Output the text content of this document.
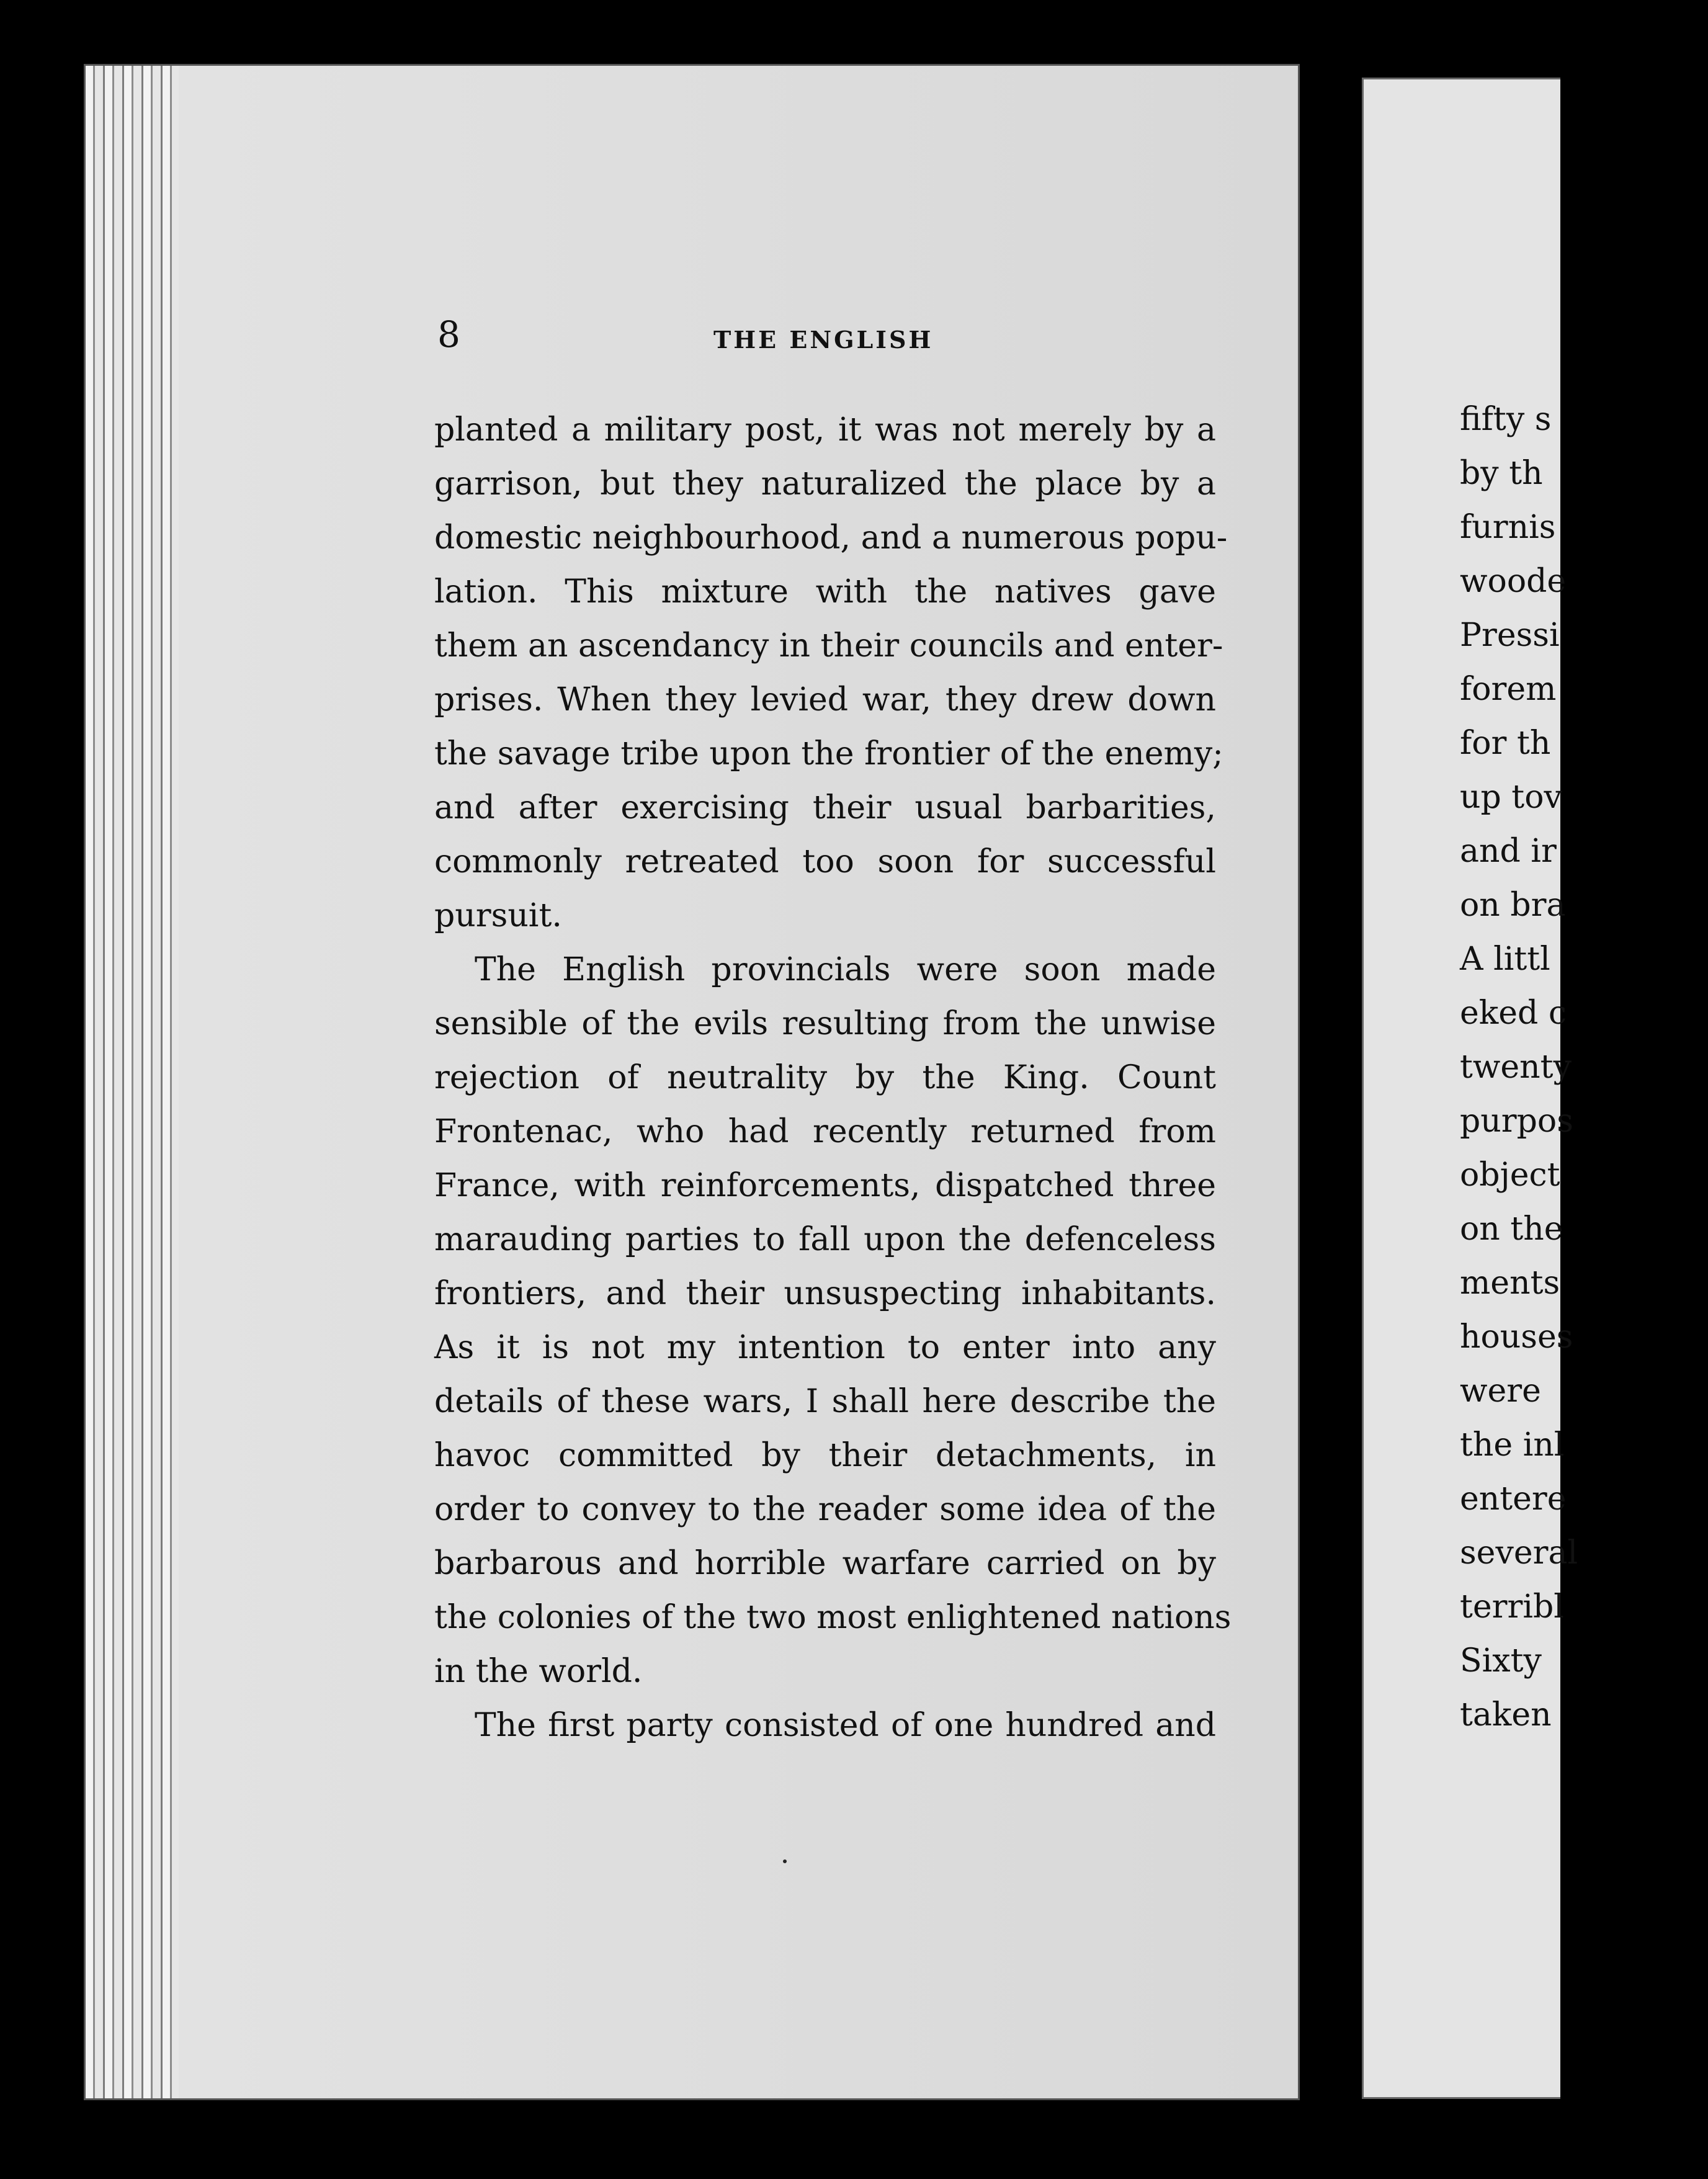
8	THE ENGLISH

planted a military post, it was not merely by a
garrison, but they naturalized the place by a
domestic neighbourhood, and a numerous popu-
lation. This mixture with the natives gave
them an ascendancy in their councils and enter-
prises. When they levied war, they drew down
the savage tribe upon the frontier of the enemy;
and after exercising their usual barbarities,
commonly retreated too soon for successful
pursuit.
The English provincials were soon made
sensible of the evils resulting from the unwise
rejection of neutrality by the King. Count
Frontenac, who had recently returned from
France, with reinforcements, dispatched three
marauding parties to fall upon the defenceless
frontiers, and their unsuspecting inhabitants.
As it is not my intention to enter into any
details of these wars, I shall here describe the
havoc committed by their detachments, in
order to convey to the reader some idea of the
barbarous and horrible warfare carried on by
the colonies of the two most enlightened nations
in the world.
The first party consisted of one hundred and
fifty s
by th
furnis
woode
Pressi
forem
for th
up tov
and ir
on bra
A littl
eked c
twenty
purpos
object
on the
ments
houses
were
the inl
entere
several
terribl
Sixty
taken
